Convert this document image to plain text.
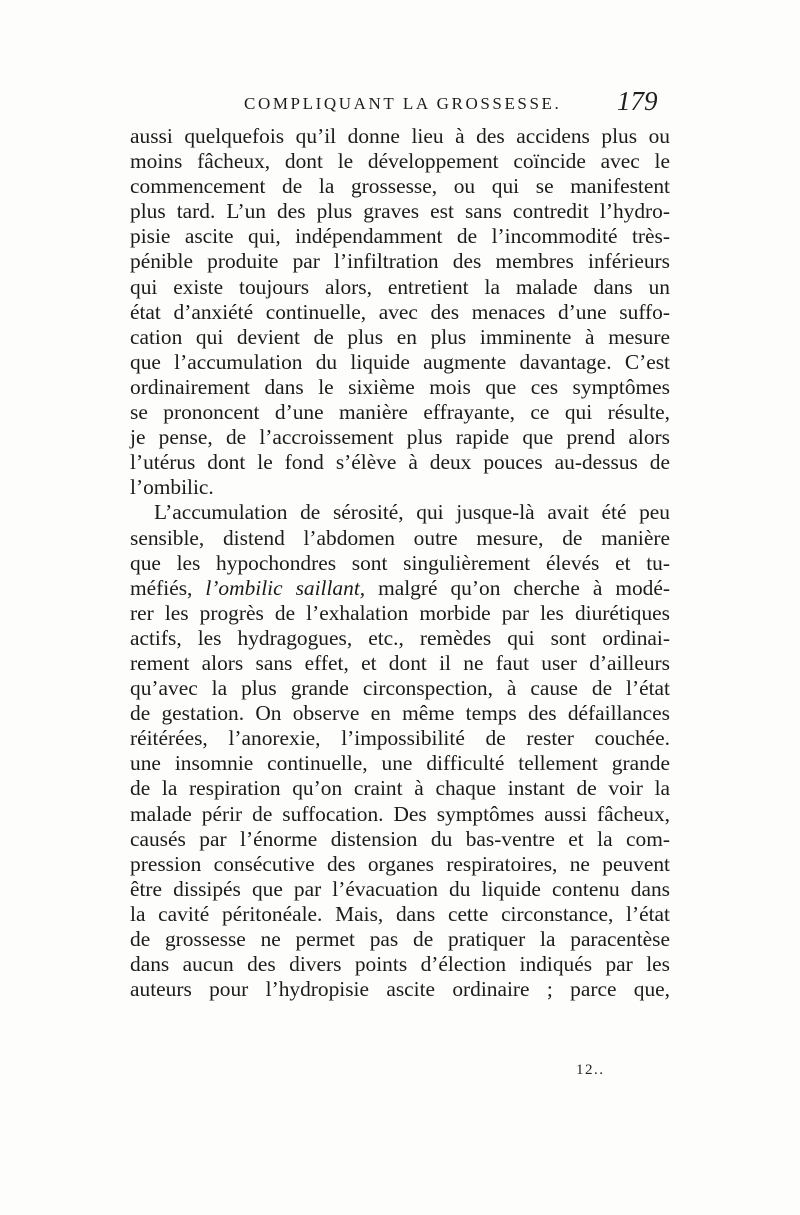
COMPLIQUANT LA GROSSESSE. 179
aussi quelquefois qu’il donne lieu à des accidens plus ou
moins fâcheux, dont le développement coïncide avec le
commencement de la grossesse, ou qui se manifestent
plus tard. L’un des plus graves est sans contredit l’hydro-
pisie ascite qui, indépendamment de l’incommodité très-
pénible produite par l’infiltration des membres inférieurs
qui existe toujours alors, entretient la malade dans un
état d’anxiété continuelle, avec des menaces d’une suffo-
cation qui devient de plus en plus imminente à mesure
que l’accumulation du liquide augmente davantage. C’est
ordinairement dans le sixième mois que ces symptômes
se prononcent d’une manière effrayante, ce qui résulte,
je pense, de l’accroissement plus rapide que prend alors
l’utérus dont le fond s’élève à deux pouces au-dessus de
l’ombilic.
L’accumulation de sérosité, qui jusque-là avait été peu
sensible, distend l’abdomen outre mesure, de manière
que les hypochondres sont singulièrement élevés et tu-
méfiés, l’ombilic saillant, malgré qu’on cherche à modé-
rer les progrès de l’exhalation morbide par les diurétiques
actifs, les hydragogues, etc., remèdes qui sont ordinai-
rement alors sans effet, et dont il ne faut user d’ailleurs
qu’avec la plus grande circonspection, à cause de l’état
de gestation. On observe en même temps des défaillances
réitérées, l’anorexie, l’impossibilité de rester couchée.
une insomnie continuelle, une difficulté tellement grande
de la respiration qu’on craint à chaque instant de voir la
malade périr de suffocation. Des symptômes aussi fâcheux,
causés par l’énorme distension du bas-ventre et la com-
pression consécutive des organes respiratoires, ne peuvent
être dissipés que par l’évacuation du liquide contenu dans
la cavité péritonéale. Mais, dans cette circonstance, l’état
de grossesse ne permet pas de pratiquer la paracentèse
dans aucun des divers points d’élection indiqués par les
auteurs pour l’hydropisie ascite ordinaire ; parce que,
12..
